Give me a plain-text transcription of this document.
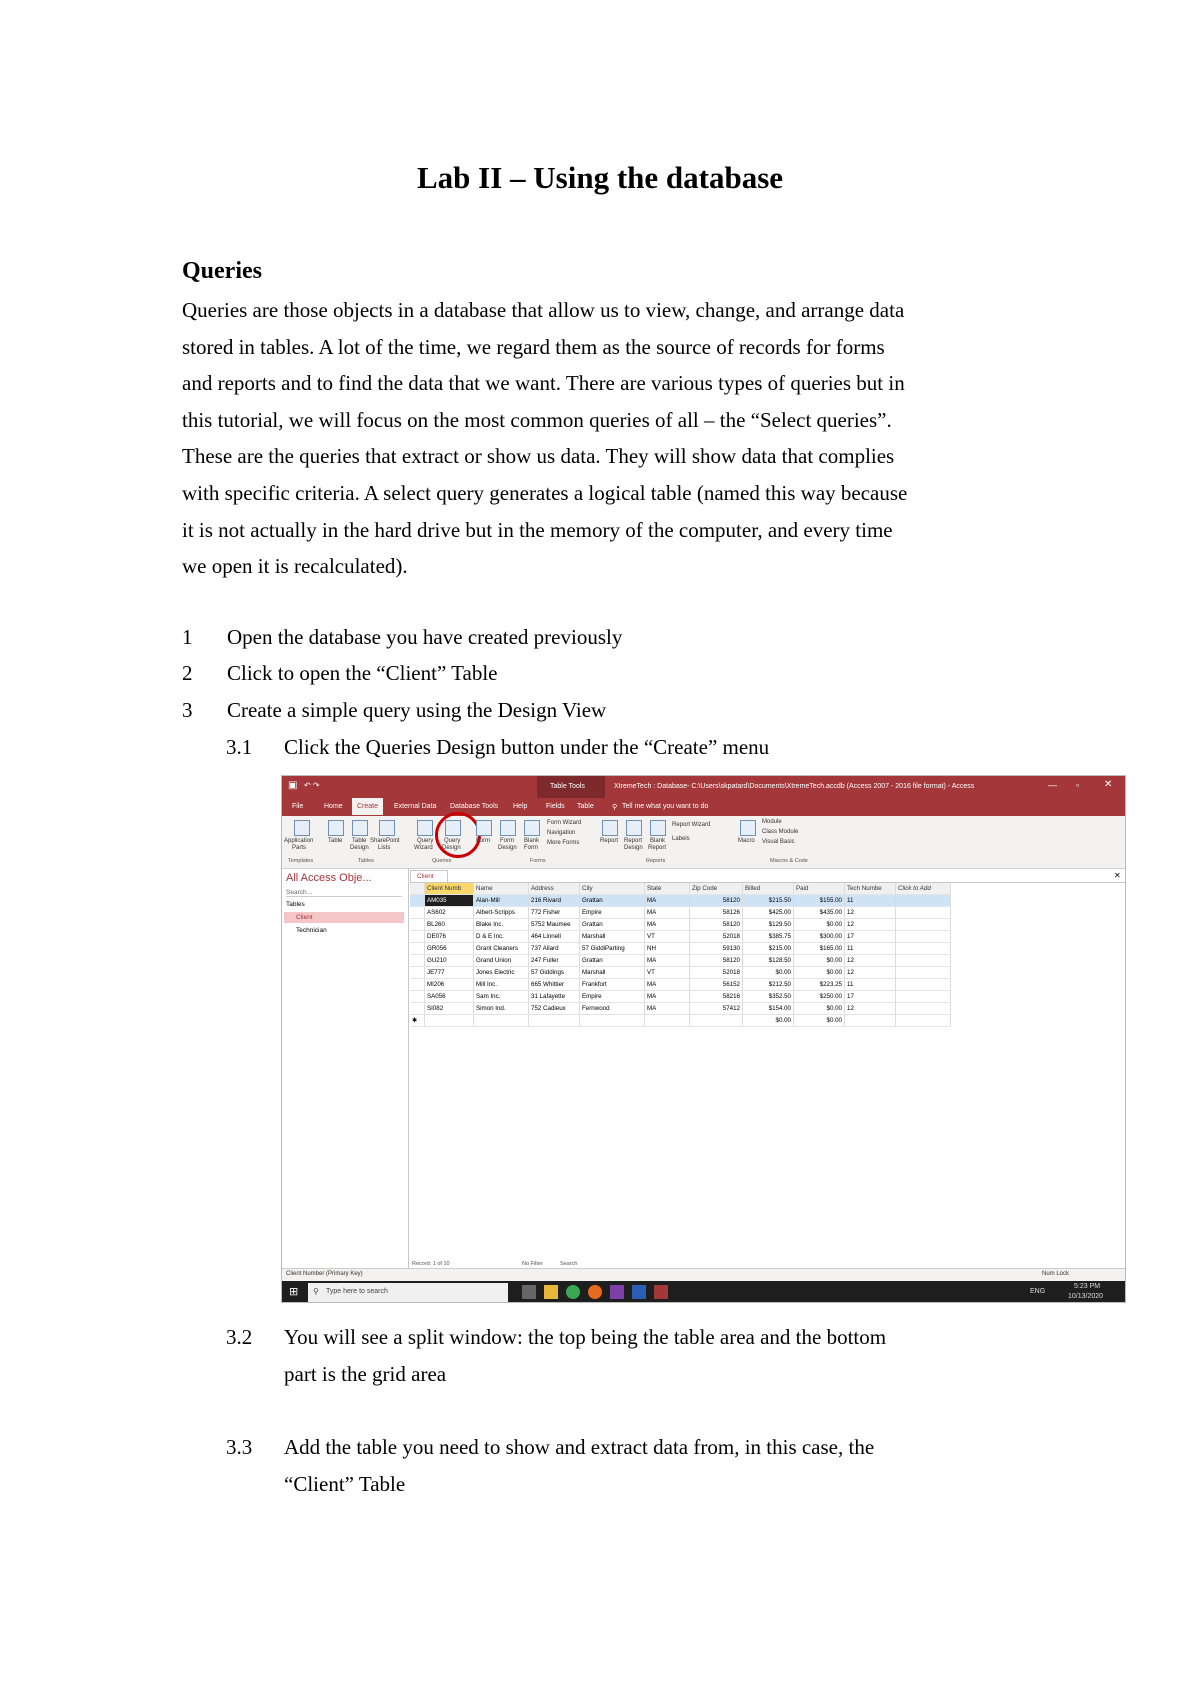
Lab II – Using the database
Queries
Queries are those objects in a database that allow us to view, change, and arrange data
stored in tables. A lot of the time, we regard them as the source of records for forms
and reports and to find the data that we want. There are various types of queries but in
this tutorial, we will focus on the most common queries of all – the “Select queries”.
These are the queries that extract or show us data. They will show data that complies
with specific criteria. A select query generates a logical table (named this way because
it is not actually in the hard drive but in the memory of the computer, and every time
we open it is recalculated).
1 Open the database you have created previously
2 Click to open the “Client” Table
3 Create a simple query using the Design View
3.1 Click the Queries Design button under the “Create” menu
▣ ↶ ↷	Table Tools	XtremeTech : Database- C:\Users\skpatard\Documents\XtremeTech.accdb (Access 2007 - 2016 file format) - Access	— ▫ ✕
File	Home	Create	External Data Database Tools Help	Fields Table	⚲ Tell me what you want to do
Application
Parts
Table Table
Design
SharePoint
Lists
Query
Wizard
Query
Design
Form Form
Design
Blank
Form
Form Wizard
Navigation
More Forms	Report Report
Design
Blank
Report
Report Wizard
Labels	Macro
Module
Class Module
Visual Basic
Templates	Tables	Queries	Forms	Reports	Macros & Code
All Access Obje...
Search...
Tables
Client
Technician
Client	✕
	Client Numb	Name	Address	City	State	Zip Code	Billed	Paid	Tech Numbe	Click to Add
	AM035	Alan-Mill	216 Rivard	Grattan	MA	58120	$215.50	$155.00	11	
	AS602	Albert-Scripps	772 Fisher	Empire	MA	58126	$425.00	$435.00	12	
	BL260	Blake Inc.	5752 Maumee	Grattan	MA	58120	$129.50	$0.00	12	
	DE076	D & E Inc.	464 Linnell	Marshall	VT	52018	$385.75	$300.00	17	
	GR056	Grant Cleaners	737 Allard	57 GiddiParting	NH	59130	$215.00	$165.00	11	
	GU210	Grand Union	247 Fuller	Grattan	MA	58120	$128.50	$0.00	12	
	JE777	Jones Electric	57 Giddings	Marshall	VT	52018	$0.00	$0.00	12	
	MI206	Mill Inc.	665 Whittier	Frankfort	MA	56152	$212.50	$223.25	11	
	SA056	Sam Inc.	31 Lafayette	Empire	MA	58216	$352.50	$250.00	17	
	SI082	Simon Ind.	752 Cadieux	Fernwood	MA	57412	$154.00	$0.00	12	
✱							$0.00	$0.00		
Record: 1 of 10	No Filter	Search
Client Number (Primary Key)	Num Lock
⊞ ⚲ Type here to search	ENG
5:23 PM
10/13/2020
3.2 You will see a split window: the top being the table area and the bottom
part is the grid area
3.3 Add the table you need to show and extract data from, in this case, the
“Client” Table
